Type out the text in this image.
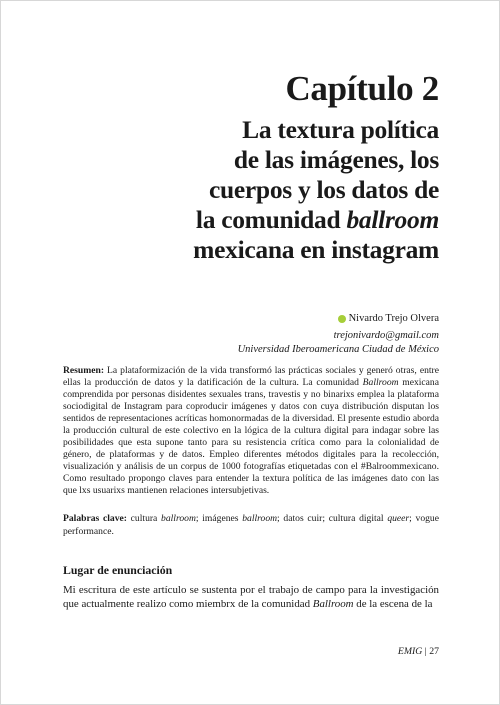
Capítulo 2
La textura política
de las imágenes, los
cuerpos y los datos de
la comunidad ballroom
mexicana en instagram
Nivardo Trejo Olvera
trejonivardo@gmail.com
Universidad Iberoamericana Ciudad de México
Resumen: La plataformización de la vida transformó las prácticas sociales y generó otras, entre ellas la producción de datos y la datificación de la cultura. La comunidad Ballroom mexicana comprendida por personas disidentes sexuales trans, travestis y no binarixs emplea la plataforma sociodigital de Instagram para coproducir imágenes y datos con cuya distribución disputan los sentidos de representaciones acríticas homonormadas de la diversidad. El presente estudio aborda la producción cultural de este colectivo en la lógica de la cultura digital para indagar sobre las posibilidades que esta supone tanto para su resistencia crítica como para la colonialidad de género, de plataformas y de datos. Empleo diferentes métodos digitales para la recolección, visualización y análisis de un corpus de 1000 fotografías etiquetadas con el #Balroommexicano. Como resultado propongo claves para entender la textura política de las imágenes dato con las que lxs usuarixs mantienen relaciones intersubjetivas.
Palabras clave: cultura ballroom; imágenes ballroom; datos cuir; cultura digital queer; vogue performance.
Lugar de enunciación
Mi escritura de este artículo se sustenta por el trabajo de campo para la investigación que actualmente realizo como miembrx de la comunidad Ballroom de la escena de la
EMIG | 27
